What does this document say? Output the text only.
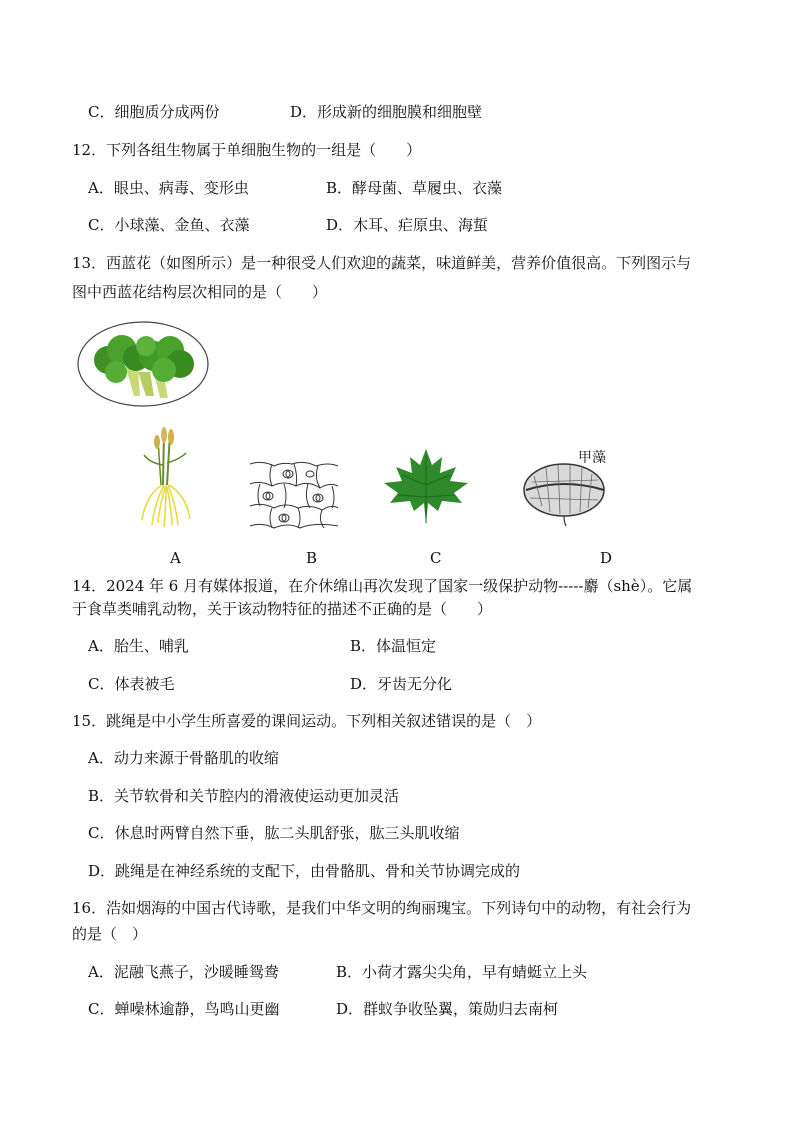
C．细胞质分成两份	D．形成新的细胞膜和细胞壁
12．下列各组生物属于单细胞生物的一组是（　　）
A．眼虫、病毒、变形虫	B．酵母菌、草履虫、衣藻
C．小球藻、金鱼、衣藻	D．木耳、疟原虫、海蜇
13．西蓝花（如图所示）是一种很受人们欢迎的蔬菜，味道鲜美，营养价值很高。下列图示与
图中西蓝花结构层次相同的是（　　）
甲藻
A	B	C	D
14．2024 年 6 月有媒体报道，在介休绵山再次发现了国家一级保护动物-----麝（shè）。它属
于食草类哺乳动物，关于该动物特征的描述不正确的是（　　）
A．胎生、哺乳	B．体温恒定
C．体表被毛	D．牙齿无分化
15．跳绳是中小学生所喜爱的课间运动。下列相关叙述错误的是（　）
A．动力来源于骨骼肌的收缩
B．关节软骨和关节腔内的滑液使运动更加灵活
C．休息时两臂自然下垂，肱二头肌舒张，肱三头肌收缩
D．跳绳是在神经系统的支配下，由骨骼肌、骨和关节协调完成的
16．浩如烟海的中国古代诗歌，是我们中华文明的绚丽瑰宝。下列诗句中的动物，有社会行为
的是（　）
A．泥融飞燕子，沙暖睡鸳鸯	B．小荷才露尖尖角，早有蜻蜓立上头
C．蝉噪林逾静，鸟鸣山更幽	D．群蚁争收坠翼，策勋归去南柯
